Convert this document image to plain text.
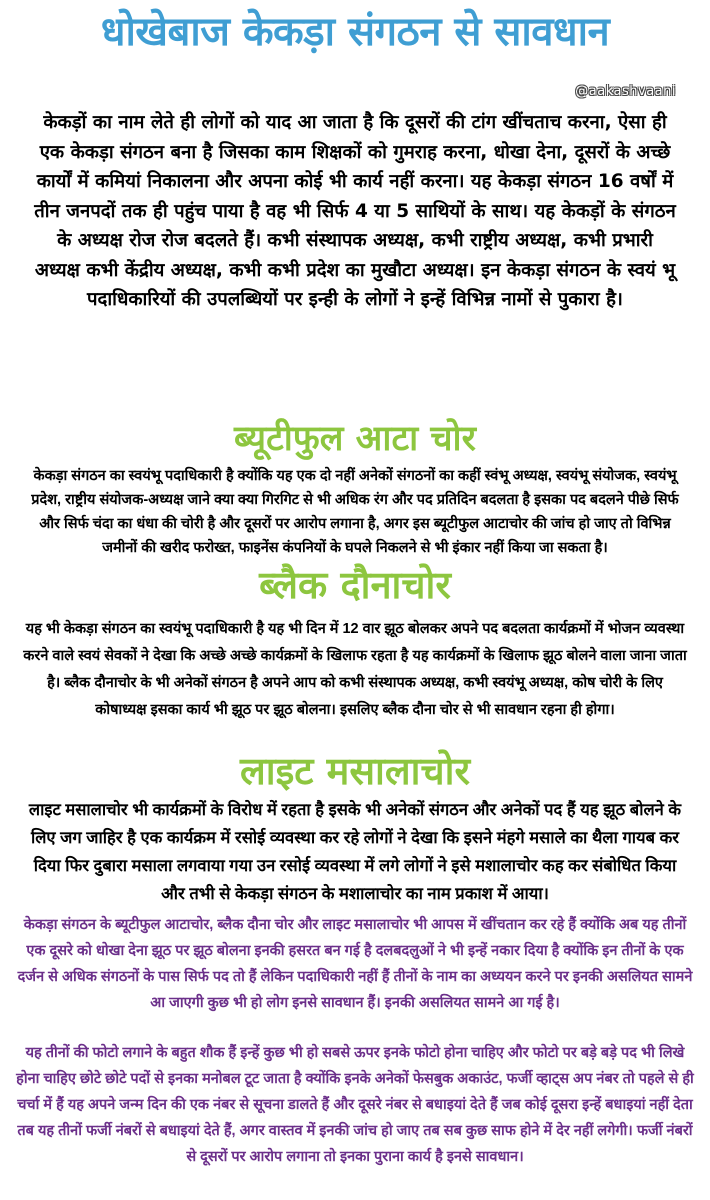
धोखेबाज केकड़ा संगठन से सावधान
@aakashvaani

केकड़ों का नाम लेते ही लोगों को याद आ जाता है कि दूसरों की टांग खींचताच करना, ऐसा ही एक केकड़ा संगठन बना है जिसका काम शिक्षकों को गुमराह करना, धोखा देना, दूसरों के अच्छे कार्यों में कमियां निकालना और अपना कोई भी कार्य नहीं करना। यह केकड़ा संगठन 16 वर्षों में तीन जनपदों तक ही पहुंच पाया है वह भी सिर्फ 4 या 5 साथियों के साथ। यह केकड़ों के संगठन के अध्यक्ष रोज रोज बदलते हैं। कभी संस्थापक अध्यक्ष, कभी राष्ट्रीय अध्यक्ष, कभी प्रभारी अध्यक्ष कभी केंद्रीय अध्यक्ष, कभी कभी प्रदेश का मुखौटा अध्यक्ष। इन केकड़ा संगठन के स्वयं भू पदाधिकारियों की उपलब्धियों पर इन्ही के लोगों ने इन्हें विभिन्न नामों से पुकारा है।

ब्यूटीफुल आटा चोर

केकड़ा संगठन का स्वयंभू पदाधिकारी है क्योंकि यह एक दो नहीं अनेकों संगठनों का कहीं स्वंभू अध्यक्ष, स्वयंभू संयोजक, स्वयंभू प्रदेश, राष्ट्रीय संयोजक-अध्यक्ष जाने क्या क्या गिरगिट से भी अधिक रंग और पद प्रतिदिन बदलता है इसका पद बदलने पीछे सिर्फ और सिर्फ चंदा का धंधा की चोरी है और दूसरों पर आरोप लगाना है, अगर इस ब्यूटीफुल आटाचोर की जांच हो जाए तो विभिन्न जमीनों की खरीद फरोख्त, फाइनेंस कंपनियों के घपले निकलने से भी इंकार नहीं किया जा सकता है।

ब्लैक दौनाचोर

यह भी केकड़ा संगठन का स्वयंभू पदाधिकारी है यह भी दिन में 12 वार झूठ बोलकर अपने पद बदलता कार्यक्रमों में भोजन व्यवस्था करने वाले स्वयं सेवकों ने देखा कि अच्छे अच्छे कार्यक्रमों के खिलाफ रहता है यह कार्यक्रमों के खिलाफ झूठ बोलने वाला जाना जाता है। ब्लैक दौनाचोर के भी अनेकों संगठन है अपने आप को कभी संस्थापक अध्यक्ष, कभी स्वयंभू अध्यक्ष, कोष चोरी के लिए कोषाध्यक्ष इसका कार्य भी झूठ पर झूठ बोलना। इसलिए ब्लैक दौना चोर से भी सावधान रहना ही होगा।

लाइट मसालाचोर

लाइट मसालाचोर भी कार्यक्रमों के विरोध में रहता है इसके भी अनेकों संगठन और अनेकों पद हैं यह झूठ बोलने के लिए जग जाहिर है एक कार्यक्रम में रसोई व्यवस्था कर रहे लोगों ने देखा कि इसने मंहगे मसाले का थैला गायब कर दिया फिर दुबारा मसाला लगवाया गया उन रसोई व्यवस्था में लगे लोगों ने इसे मशालाचोर कह कर संबोधित किया और तभी से केकड़ा संगठन के मशालाचोर का नाम प्रकाश में आया।

केकड़ा संगठन के ब्यूटीफुल आटाचोर, ब्लैक दौना चोर और लाइट मसालाचोर भी आपस में खींचतान कर रहे हैं क्योंकि अब यह तीनों एक दूसरे को धोखा देना झूठ पर झूठ बोलना इनकी हसरत बन गई है दलबदलुओं ने भी इन्हें नकार दिया है क्योंकि इन तीनों के एक दर्जन से अधिक संगठनों के पास सिर्फ पद तो हैं लेकिन पदाधिकारी नहीं हैं तीनों के नाम का अध्ययन करने पर इनकी असलियत सामने आ जाएगी कुछ भी हो लोग इनसे सावधान हैं। इनकी असलियत सामने आ गई है।

यह तीनों की फोटो लगाने के बहुत शौक हैं इन्हें कुछ भी हो सबसे ऊपर इनके फोटो होना चाहिए और फोटो पर बड़े बड़े पद भी लिखे होना चाहिए छोटे छोटे पदों से इनका मनोबल टूट जाता है क्योंकि इनके अनेकों फेसबुक अकाउंट, फर्जी व्हाट्स अप नंबर तो पहले से ही चर्चा में हैं यह अपने जन्म दिन की एक नंबर से सूचना डालते हैं और दूसरे नंबर से बधाइयां देते हैं जब कोई दूसरा इन्हें बधाइयां नहीं देता तब यह तीनों फर्जी नंबरों से बधाइयां देते हैं, अगर वास्तव में इनकी जांच हो जाए तब सब कुछ साफ होने में देर नहीं लगेगी। फर्जी नंबरों से दूसरों पर आरोप लगाना तो इनका पुराना कार्य है इनसे सावधान।
